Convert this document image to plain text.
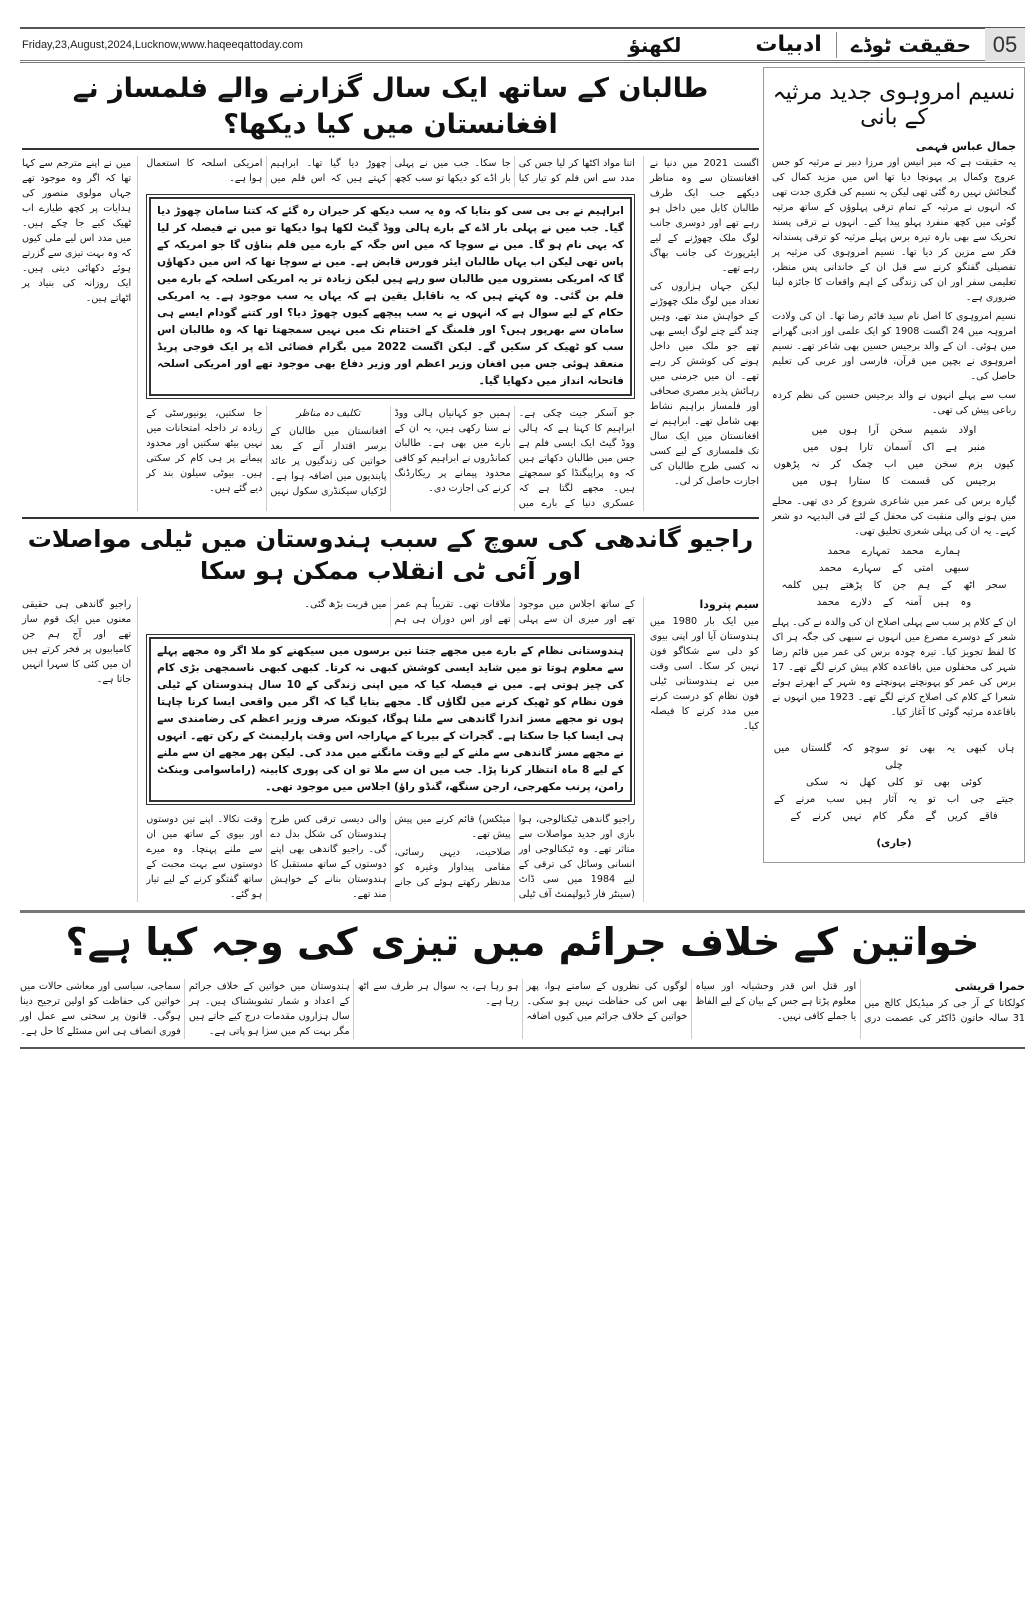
05
حقیقت ٹوڈے
ادبیات
لکھنؤ
Friday,23,August,2024,Lucknow,www.haqeeqattoday.com
نسیم امروہوی جدید مرثیہ کے بانی
جمال عباس فہمی
یہ حقیقت ہے کہ میر انیس اور مرزا دبیر نے مرثیہ کو جس عروج وکمال پر پہونچا دیا تھا اس میں مزید کمال کی گنجائش نہیں رہ گئی تھی لیکن یہ نسیم کی فکری جدت تھی کہ انہوں نے مرثیہ کے تمام ترقی پہلوؤں کے ساتھ مرثیہ گوئی میں کچھ منفرد پہلو پیدا کیے۔ انہوں نے ترقی پسند تحریک سے بھی بارہ تیرہ برس پہلے مرثیہ کو ترقی پسندانہ فکر سے مزین کر دیا تھا۔ نسیم امروہوی کی مرثیہ پر تفصیلی گفتگو کرنے سے قبل ان کے خاندانی پس منظر، تعلیمی سفر اور ان کی زندگی کے اہم واقعات کا جائزہ لینا ضروری ہے۔
نسیم امروہوی کا اصل نام سید قائم رضا تھا۔ ان کی ولادت امروہہ میں 24 اگست 1908 کو ایک علمی اور ادبی گھرانے میں ہوئی۔ ان کے والد برجیس حسین بھی شاعر تھے۔ نسیم امروہوی نے بچپن میں قرآن، فارسی اور عربی کی تعلیم حاصل کی۔
سب سے پہلے انہوں نے والد برجیس حسین کی نظم کردہ رباعی پیش کی تھی۔
اولاد شمیم سخن آرا ہوں میں
منبر ہے اک آسمان تارا ہوں میں
کیوں بزم سخن میں اب چمک کر نہ پڑھوں
برجیس کی قسمت کا ستارا ہوں میں
گیارہ برس کی عمر میں شاعری شروع کر دی تھی۔ محلے میں ہونے والی منقبت کی محفل کے لئے فی البدیہہ دو شعر کہے۔ یہ ان کی پہلی شعری تخلیق تھی۔
ہمارے محمد تمہارے محمد
سبھی امتی کے سہارے محمد
سحر اٹھ کے ہم جن کا پڑھتے ہیں کلمہ
وہ ہیں آمنہ کے دلارے محمد
ان کے کلام پر سب سے پہلی اصلاح ان کی والدہ نے کی۔ پہلے شعر کے دوسرے مصرع میں انہوں نے سبھی کی جگہ ہر اک کا لفظ تجویز کیا۔ تیرہ چودہ برس کی عمر میں قائم رضا شہر کی محفلوں میں باقاعدہ کلام پیش کرنے لگے تھے۔ 17 برس کی عمر کو پہونچتے پہونچتے وہ شہر کے ابھرتے ہوئے شعرا کے کلام کی اصلاح کرنے لگے تھے۔ 1923 میں انہوں نے باقاعدہ مرثیہ گوئی کا آغاز کیا۔
ہاں کبھی یہ بھی تو سوچو کہ گلستاں میں چلی
کوئی بھی تو کلی کھل نہ سکی
جیتے جی اب تو یہ آثار ہیں سب مرنے کے
فاقے کریں گے مگر کام نہیں کرنے کے
(جاری)
طالبان کے ساتھ ایک سال گزارنے والے فلمساز نے افغانستان میں کیا دیکھا؟

اگست 2021 میں دنیا نے افغانستان سے وہ مناظر دیکھے جب ایک طرف طالبان کابل میں داخل ہو رہے تھے اور دوسری جانب لوگ ملک چھوڑنے کے لیے ایئرپورٹ کی جانب بھاگ رہے تھے۔

لیکن جہاں ہزاروں کی تعداد میں لوگ ملک چھوڑنے کے خواہش مند تھے، وہیں چند گنے چنے لوگ ایسے بھی تھے جو ملک میں داخل ہونے کی کوشش کر رہے تھے۔ ان میں جرمنی میں رہائش پذیر مصری صحافی اور فلمساز براہیم نشاط بھی شامل تھے۔ ابراہیم نے افغانستان میں ایک سال تک فلمسازی کے لیے کسی نہ کسی طرح طالبان کی اجازت حاصل کر لی۔

اتنا مواد اکٹھا کر لیا جس کی مدد سے اس فلم کو تیار کیا جا سکا۔ جب میں نے پہلی بار اڈے کو دیکھا تو سب کچھ چھوڑ دیا گیا تھا۔ ابراہیم کہتے ہیں کہ اس فلم میں امریکی اسلحہ کا استعمال ہوا ہے۔

ابراہیم نے بی بی سی کو بتایا کہ وہ یہ سب دیکھ کر حیران رہ گئے کہ کتنا سامان چھوڑ دیا گیا۔ جب میں نے پہلی بار اڈے کے بارے ہالی ووڈ گیٹ لکھا ہوا دیکھا تو میں نے فیصلہ کر لیا کہ یہی نام ہو گا۔ میں نے سوچا کہ میں اس جگہ کے بارے میں فلم بناؤں گا جو امریکہ کے پاس تھی لیکن اب یہاں طالبان ایئر فورس قابض ہے۔ میں نے سوچا تھا کہ اس میں دکھاؤں گا کہ امریکی بستروں میں طالبان سو رہے ہیں لیکن زیادہ تر یہ امریکی اسلحہ کے بارے میں فلم بن گئی۔ وہ کہتے ہیں کہ یہ ناقابل یقین ہے کہ یہاں یہ سب موجود ہے۔ یہ امریکی حکام کے لیے سوال ہے کہ انہوں نے یہ سب پیچھے کیوں چھوڑ دیا؟ اور کتنے گودام ایسے ہی سامان سے بھرپور ہیں؟ اور فلمنگ کے اختتام تک میں نہیں سمجھتا تھا کہ وہ طالبان اس سب کو ٹھیک کر سکیں گے۔ لیکن اگست 2022 میں بگرام فضائی اڈے پر ایک فوجی پریڈ منعقد ہوئی جس میں افغان وزیر اعظم اور وزیر دفاع بھی موجود تھے اور امریکی اسلحہ فاتحانہ انداز میں دکھایا گیا۔

جو آسکر جیت چکی ہے۔ ابراہیم کا کہنا ہے کہ ہالی ووڈ گیٹ ایک ایسی فلم ہے جس میں طالبان دکھاتے ہیں کہ وہ پراپیگنڈا کو سمجھتے ہیں۔ مجھے لگتا ہے کہ عسکری دنیا کے بارے میں ہمیں جو کہانیاں ہالی ووڈ نے سنا رکھی ہیں، یہ ان کے بارے میں بھی ہے۔ طالبان کمانڈروں نے ابراہیم کو کافی محدود پیمانے پر ریکارڈنگ کرنے کی اجازت دی۔

تکلیف دہ مناظر

افغانستان میں طالبان کے برسر اقتدار آنے کے بعد خواتین کی زندگیوں پر عائد پابندیوں میں اضافہ ہوا ہے۔ لڑکیاں سیکنڈری سکول نہیں جا سکتیں، یونیورسٹی کے زیادہ تر داخلہ امتحانات میں نہیں بیٹھ سکتیں اور محدود پیمانے پر ہی کام کر سکتی ہیں۔ بیوٹی سیلون بند کر دیے گئے ہیں۔

میں نے اپنے مترجم سے کہا تھا کہ اگر وہ موجود تھے جہاں مولوی منصور کی ہدایات پر کچھ طیارے اب ٹھیک کیے جا چکے ہیں۔ میں مدد اس لیے ملی کیوں کہ وہ بہت تیزی سے گزرتے ہوئے دکھائی دیتی ہیں۔ ایک روزانہ کی بنیاد پر اٹھاتے ہیں۔

راجیو گاندھی کی سوچ کے سبب ہندوستان میں ٹیلی مواصلات اور آئی ٹی انقلاب ممکن ہو سکا
سیم پترودا

میں ایک بار 1980 میں ہندوستان آیا اور اپنی بیوی کو دلی سے شکاگو فون نہیں کر سکا۔ اسی وقت میں نے ہندوستانی ٹیلی فون نظام کو درست کرنے میں مدد کرنے کا فیصلہ کیا۔

کے ساتھ اجلاس میں موجود تھے اور میری ان سے پہلی ملاقات تھی۔ تقریباً ہم عمر تھے اور اس دوران ہی ہم میں قربت بڑھ گئی۔

ہندوستانی نظام کے بارے میں مجھے جتنا تین برسوں میں سیکھنے کو ملا اگر وہ مجھے پہلے سے معلوم ہوتا تو میں شاید ایسی کوشش کبھی نہ کرتا۔ کبھی کبھی ناسمجھی بڑی کام کی چیز ہوتی ہے۔ میں نے فیصلہ کیا کہ میں اپنی زندگی کے 10 سال ہندوستان کے ٹیلی فون نظام کو ٹھیک کرنے میں لگاؤں گا۔ مجھے بتایا گیا کہ اگر میں واقعی ایسا کرنا چاہتا ہوں تو مجھے مسز اندرا گاندھی سے ملنا ہوگا، کیونکہ صرف وزیر اعظم کی رضامندی سے ہی ایسا کیا جا سکتا ہے۔ گجرات کے بیریا کے مہاراجہ اس وقت پارلیمنٹ کے رکن تھے۔ انہوں نے مجھے مسز گاندھی سے ملنے کے لیے وقت مانگنے میں مدد کی۔ لیکن پھر مجھے ان سے ملنے کے لیے 8 ماہ انتظار کرنا پڑا۔ جب میں ان سے ملا تو ان کی پوری کابینہ (راماسوامی وینکٹ رامن، پرنب مکھرجی، ارجن سنگھ، گنڈو راؤ) اجلاس میں موجود تھی۔

راجیو گاندھی ٹیکنالوجی، ہوا بازی اور جدید مواصلات سے متاثر تھے۔ وہ ٹیکنالوجی اور انسانی وسائل کی ترقی کے لیے 1984 میں سی ڈاٹ (سینٹر فار ڈیولپمنٹ آف ٹیلی میٹکس) قائم کرنے میں پیش پیش تھے۔

صلاحیت، دیہی رسائی، مقامی پیداوار وغیرہ کو مدنظر رکھتے ہوئے کی جانے والی دیسی ترقی کس طرح ہندوستان کی شکل بدل دے گی۔ راجیو گاندھی بھی اپنے دوستوں کے ساتھ مستقبل کا ہندوستان بنانے کے خواہش مند تھے۔

وقت نکالا۔ اپنے تین دوستوں اور بیوی کے ساتھ میں ان سے ملنے پہنچا۔ وہ میرے دوستوں سے بہت محبت کے ساتھ گفتگو کرنے کے لیے تیار ہو گئے۔

راجیو گاندھی ہی حقیقی معنوں میں ایک قوم ساز تھے اور آج ہم جن کامیابیوں پر فخر کرتے ہیں ان میں کئی کا سہرا انہیں جاتا ہے۔

خواتین کے خلاف جرائم میں تیزی کی وجہ کیا ہے؟
حمرا قریشی

کولکاتا کے آر جی کر میڈیکل کالج میں 31 سالہ خاتون ڈاکٹر کی عصمت دری اور قتل اس قدر وحشیانہ اور سیاہ معلوم پڑتا ہے جس کے بیان کے لیے الفاظ یا جملے کافی نہیں۔

لوگوں کی نظروں کے سامنے ہوا، پھر بھی اس کی حفاظت نہیں ہو سکی۔ خواتین کے خلاف جرائم میں کیوں اضافہ ہو رہا ہے، یہ سوال ہر طرف سے اٹھ رہا ہے۔

ہندوستان میں خواتین کے خلاف جرائم کے اعداد و شمار تشویشناک ہیں۔ ہر سال ہزاروں مقدمات درج کیے جاتے ہیں مگر بہت کم میں سزا ہو پاتی ہے۔

سماجی، سیاسی اور معاشی حالات میں خواتین کی حفاظت کو اولین ترجیح دینا ہوگی۔ قانون پر سختی سے عمل اور فوری انصاف ہی اس مسئلے کا حل ہے۔
